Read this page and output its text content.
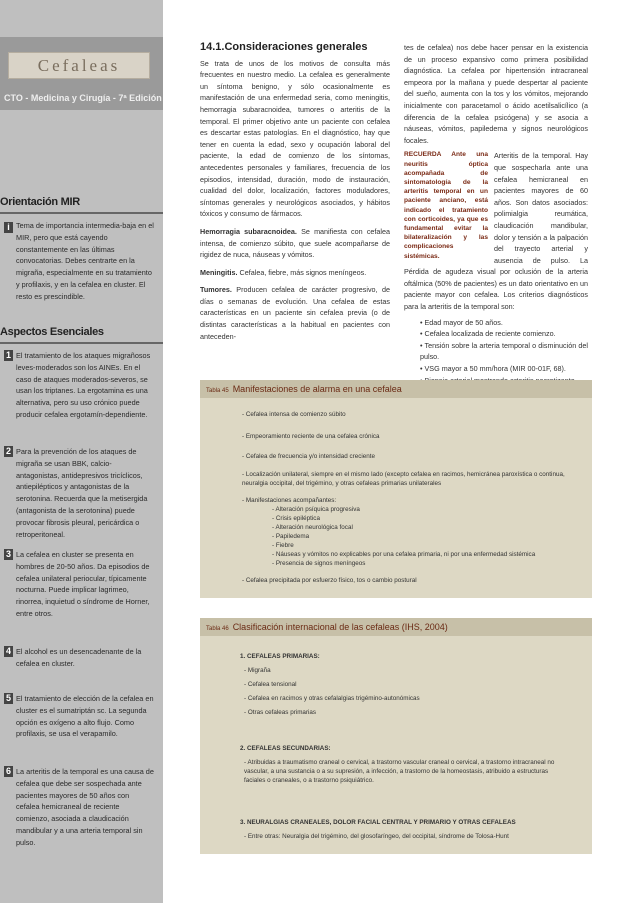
Cefaleas
CTO - Medicina y Cirugía - 7ª Edición
Orientación MIR
i Tema de importancia intermedia-baja en el MIR, pero que está cayendo constantemente en las últimas convocatorias. Debes centrarte en la migraña, especialmente en su tratamiento y profilaxis, y en la cefalea en cluster. El resto es prescindible.
Aspectos Esenciales
1 El tratamiento de los ataques migrañosos leves-moderados son los AINEs. En el caso de ataques moderados-severos, se usan los triptanes. La ergotamina es una alternativa, pero su uso crónico puede producir cefalea ergotamín-dependiente.
2 Para la prevención de los ataques de migraña se usan BBK, calcio-antagonistas, antidepresivos tricíclicos, antiepilépticos y antagonistas de la serotonina. Recuerda que la metisergida (antagonista de la serotonina) puede provocar fibrosis pleural, pericárdica o retroperitoneal.
3 La cefalea en cluster se presenta en hombres de 20-50 años. Da episodios de cefalea unilateral periocular, típicamente nocturna. Puede implicar lagrimeo, rinorrea, inquietud o síndrome de Horner, entre otros.
4 El alcohol es un desencadenante de la cefalea en cluster.
5 El tratamiento de elección de la cefalea en cluster es el sumatriptán sc. La segunda opción es oxígeno a alto flujo. Como profilaxis, se usa el verapamilo.
6 La arteritis de la temporal es una causa de cefalea que debe ser sospechada ante pacientes mayores de 50 años con cefalea hemicraneal de reciente comienzo, asociada a claudicación mandibular y a una arteria temporal sin pulso.
14.1.Consideraciones generales

Se trata de unos de los motivos de consulta más frecuentes en nuestro medio. La cefalea es generalmente un síntoma benigno, y sólo ocasionalmente es manifestación de una enfermedad seria, como meningitis, hemorragia subaracnoidea, tumores o arteritis de la temporal. El primer objetivo ante un paciente con cefalea es descartar estas patologías. En el diagnóstico, hay que tener en cuenta la edad, sexo y ocupación laboral del paciente, la edad de comienzo de los síntomas, antecedentes personales y familiares, frecuencia de los episodios, intensidad, duración, modo de instauración, cualidad del dolor, localización, factores moduladores, síntomas generales y neurológicos asociados, y hábitos tóxicos y consumo de fármacos.

Hemorragia subaracnoidea. Se manifiesta con cefalea intensa, de comienzo súbito, que suele acompañarse de rigidez de nuca, náuseas y vómitos.

Meningitis. Cefalea, fiebre, más signos meníngeos.

Tumores. Producen cefalea de carácter progresivo, de días o semanas de evolución. Una cefalea de estas características en un paciente sin cefalea previa (o de distintas características a la habitual en pacientes con anteceden-

tes de cefalea) nos debe hacer pensar en la existencia de un proceso expansivo como primera posibilidad diagnóstica. La cefalea por hipertensión intracraneal empeora por la mañana y puede despertar al paciente del sueño, aumenta con la tos y los vómitos, mejorando inicialmente con paracetamol o ácido acetilsalicílico (a diferencia de la cefalea psicógena) y se asocia a náuseas, vómitos, papiledema y signos neurológicos focales.

Arteritis de la temporal.
RECUERDA Ante una neuritis óptica acompañada de sintomatología de la arteritis temporal en un paciente anciano, está indicado el tratamiento con corticoides, ya que es fundamental evitar la bilateralización y las complicaciones sistémicas.
Hay que sospecharla ante una cefalea hemicraneal en pacientes mayores de 60 años. Son datos asociados: polimialgia reumática, claudicación mandibular, dolor y tensión a la palpación del trayecto arterial y ausencia de pulso. La Pérdida de agudeza visual por oclusión de la arteria oftálmica (50% de pacientes) es un dato orientativo en un paciente mayor con cefalea. Los criterios diagnósticos para la arteritis de la temporal son:

• Edad mayor de 50 años.
• Cefalea localizada de reciente comienzo.
• Tensión sobre la arteria temporal o disminución del pulso.
• VSG mayor a 50 mm/hora (MIR 00-01F, 68).
Tabla 45 Manifestaciones de alarma en una cefalea
- Cefalea intensa de comienzo súbito
- Empeoramiento reciente de una cefalea crónica
- Cefalea de frecuencia y/o intensidad creciente
- Localización unilateral, siempre en el mismo lado (excepto cefalea en racimos, hemicránea paroxística o continua, neuralgia occipital, del trigémino, y otras cefaleas primarias unilaterales
- Manifestaciones acompañantes:
- Alteración psíquica progresiva
- Crisis epiléptica
- Alteración neurológica focal
- Papiledema
- Fiebre
- Náuseas y vómitos no explicables por una cefalea primaria, ni por una enfermedad sistémica
- Presencia de signos meníngeos
- Cefalea precipitada por esfuerzo físico, tos o cambio postural
Tabla 46 Clasificación internacional de las cefaleas (IHS, 2004)
1. CEFALEAS PRIMARIAS:
- Migraña
- Cefalea tensional
- Cefalea en racimos y otras cefalalgias trigémino-autonómicas
- Otras cefaleas primarias
2. CEFALEAS SECUNDARIAS:
- Atribuidas a traumatismo craneal o cervical, a trastorno vascular craneal o cervical, a trastorno intracraneal no vascular, a una sustancia o a su supresión, a infección, a trastorno de la homeostasis, atribuido a estructuras faciales o craneales, o a trastorno psiquiátrico.
3. NEURALGIAS CRANEALES, DOLOR FACIAL CENTRAL Y PRIMARIO Y OTRAS CEFALEAS
- Entre otras: Neuralgia del trigémino, del glosofaríngeo, del occipital, síndrome de Tolosa-Hunt
